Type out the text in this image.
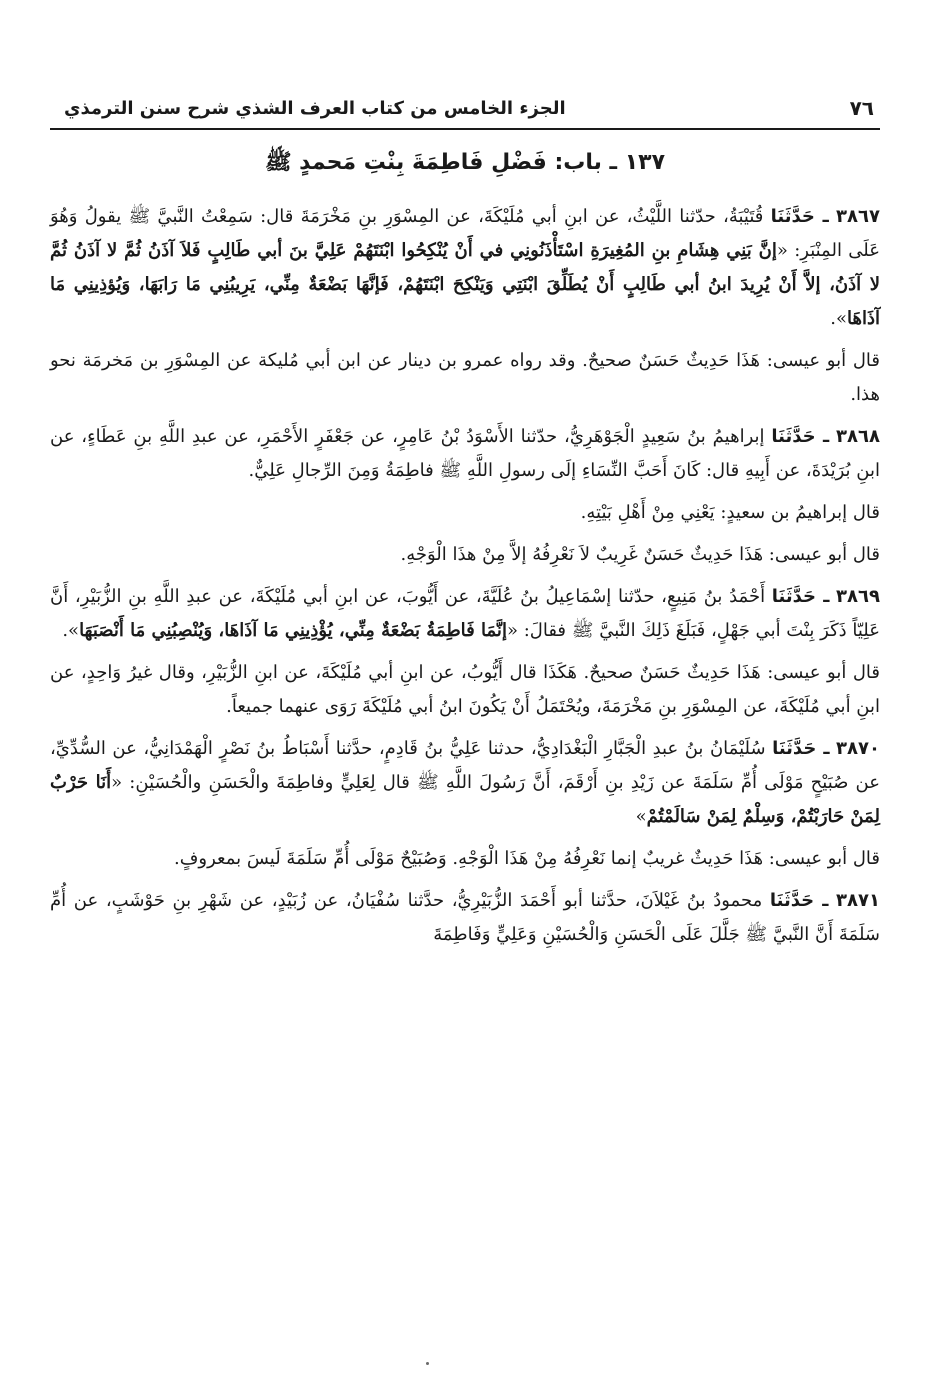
٧٦
الجزء الخامس من كتاب العرف الشذي شرح سنن الترمذي
١٣٧ ـ باب: فَضْلِ فَاطِمَةَ بِنْتِ مَحمدٍ ﷺ

٣٨٦٧ ـ حَدَّثَنَا قُتَيْبَةُ، حدّثنا اللَّيْثُ، عن ابنِ أبي مُلَيْكَةَ، عن المِسْوَرِ بنِ مَخْرَمَةَ قال: سَمِعْتُ النَّبيَّ ﷺ يقولُ وَهُوَ عَلَى المِنْبَرِ: «إنَّ بَنِي هِشَامِ بنِ المُغِيرَةِ اسْتَأْذَنُونِي في أَنْ يُنْكِحُوا ابْنَتَهُمْ عَلِيَّ بنَ أبي طَالِبٍ فَلاَ آذَنُ ثُمَّ لا آذَنُ ثُمَّ لا آذَنُ، إلاَّ أَنْ يُرِيدَ ابنُ أبي طَالِبٍ أَنْ يُطَلِّقَ ابْنَتِي وَيَنْكِحَ ابْنَتَهُمْ، فَإنَّهَا بَضْعَةٌ مِنِّي، يَرِيبُنِي مَا رَابَهَا، وَيُؤذِينِي مَا آذَاهَا».

قال أبو عيسى: هَذَا حَدِيثٌ حَسَنٌ صحيحٌ. وقد رواه عمرو بن دينار عن ابن أبي مُليكة عن المِسْوَرِ بن مَخرمَة نحو هذا.

٣٨٦٨ ـ حَدَّثَنَا إبراهيمُ بنُ سَعِيدٍ الْجَوْهَرِيُّ، حدّثنا الأَسْوَدُ بْنُ عَامِرٍ، عن جَعْفَرٍ الأَحْمَرِ، عن عبدِ اللَّهِ بنِ عَطَاءٍ، عن ابنِ بُرَيْدَةَ، عن أَبِيهِ قال: كَانَ أَحَبَّ النِّسَاءِ إلَى رسولِ اللَّهِ ﷺ فاطِمَةُ وَمِنَ الرِّجالِ عَلِيٌّ.

قال إبراهيمُ بن سعيدٍ: يَعْنِي مِنْ أَهْلِ بَيْتِهِ.

قال أبو عيسى: هَذَا حَدِيثٌ حَسَنٌ غَرِيبٌ لاَ نَعْرِفُهُ إلاَّ مِنْ هذَا الْوَجْهِ.

٣٨٦٩ ـ حَدَّثَنَا أَحْمَدُ بنُ مَنِيعٍ، حدّثنا إسْمَاعِيلُ بنُ عُلَيَّةَ، عن أَيُّوبَ، عن ابنِ أبي مُلَيْكَةَ، عن عبدِ اللَّهِ بنِ الزُّبَيْرِ، أَنَّ عَلِيّاً ذَكَرَ بِنْتَ أبي جَهْلٍ، فَبَلَغَ ذَلِكَ النَّبيَّ ﷺ فقالَ: «إنَّمَا فَاطِمَةُ بَضْعَةٌ مِنِّي، يُؤْذِينِي مَا آذَاهَا، وَيُنْصِبُنِي مَا أَنْصَبَهَا».

قال أبو عيسى: هَذَا حَدِيثٌ حَسَنٌ صحيحٌ. هَكَذَا قال أَيُّوبُ، عن ابنِ أبي مُلَيْكَةَ، عن ابنِ الزُّبَيْرِ، وقال غيرُ وَاحِدٍ، عن ابنِ أبي مُلَيْكَةَ، عن المِسْوَرِ بنِ مَخْرَمَةَ، ويُحْتَمَلُ أَنْ يَكُونَ ابنُ أبي مُلَيْكَةَ رَوَى عنهما جميعاً.

٣٨٧٠ ـ حَدَّثَنَا سُلَيْمَانُ بنُ عبدِ الْجَبَّارِ الْبَغْدَادِيُّ، حدثنا عَلِيُّ بنُ قَادِمٍ، حدَّثنا أَسْبَاطُ بنُ نَصْرٍ الْهَمْدَانِيُّ، عن السُّدِّيِّ، عن صُبَيْحٍ مَوْلَى أُمِّ سَلَمَةَ عن زَيْدِ بنِ أَرْقَمَ، أَنَّ رَسُولَ اللَّهِ ﷺ قال لِعَلِيٍّ وفاطِمَةَ والْحَسَنِ والْحُسَيْنِ: «أَنَا حَرْبٌ لِمَنْ حَارَبْتُمْ، وَسِلْمٌ لِمَنْ سَالَمْتُمْ»

قال أبو عيسى: هَذَا حَدِيثٌ غريبٌ إنما نَعْرِفُهُ مِنْ هَذَا الْوَجْهِ. وَصُبَيْحٌ مَوْلَى أُمِّ سَلَمَةَ لَيسَ بمعروفٍ.

٣٨٧١ ـ حَدَّثَنَا محمودُ بنُ غَيْلاَنَ، حدَّثنا أبو أَحْمَدَ الزُّبَيْرِيُّ، حدَّثنا سُفْيَانُ، عن زُبَيْدٍ، عن شَهْرِ بنِ حَوْشَبٍ، عن أُمِّ سَلَمَةَ أَنَّ النَّبيَّ ﷺ جَلَّلَ عَلَى الْحَسَنِ وَالْحُسَيْنِ وَعَلِيٍّ وَفَاطِمَةَ
